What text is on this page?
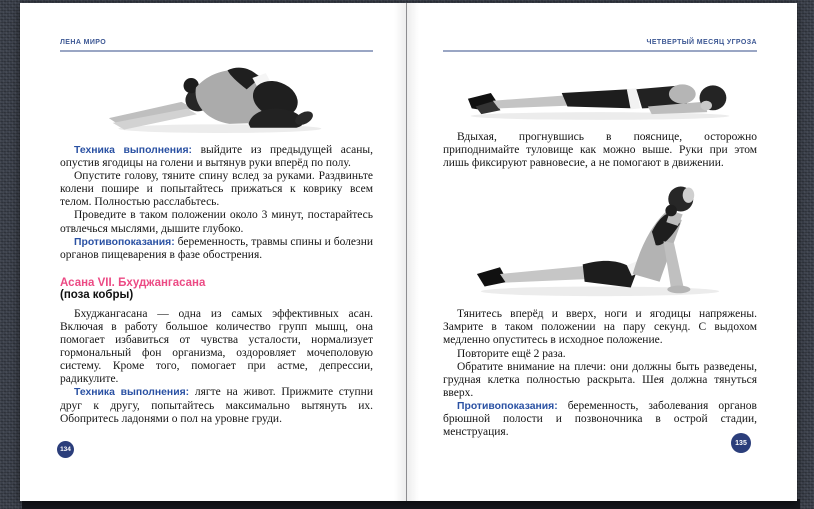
ЛЕНА МИРО

Техника выполнения: выйдите из предыдущей асаны, опустив ягодицы на голени и вытянув руки вперёд по полу.

Опустите голову, тяните спину вслед за руками. Раздвиньте колени пошире и попытайтесь прижаться к коврику всем телом. Полностью расслабьтесь.

Проведите в таком положении около 3 минут, постарайтесь отвлечься мыслями, дышите глубоко.

Противопоказания: беременность, травмы спины и болезни органов пищеварения в фазе обострения.

Асана VII. Бхуджангасана
(поза кобры)

Бхуджангасана — одна из самых эффективных асан. Включая в работу большое количество групп мышц, она помогает избавиться от чувства усталости, нормализует гормональный фон организма, оздоровляет мочеполовую систему. Кроме того, помогает при астме, депрессии, радикулите.

Техника выполнения: лягте на живот. Прижмите ступни друг к другу, попытайтесь максимально вытянуть их. Обопритесь ладонями о пол на уровне груди.

134
ЧЕТВЕРТЫЙ МЕСЯЦ УГРОЗА

Вдыхая, прогнувшись в пояснице, осторожно приподнимайте туловище как можно выше. Руки при этом лишь фиксируют равновесие, а не помогают в движении.

Тянитесь вперёд и вверх, ноги и ягодицы напряжены. Замрите в таком положении на пару секунд. С выдохом медленно опуститесь в исходное положение.

Повторите ещё 2 раза.

Обратите внимание на плечи: они должны быть разведены, грудная клетка полностью раскрыта. Шея должна тянуться вверх.

Противопоказания: беременность, заболевания органов брюшной полости и позвоночника в острой стадии, менструация.

135
